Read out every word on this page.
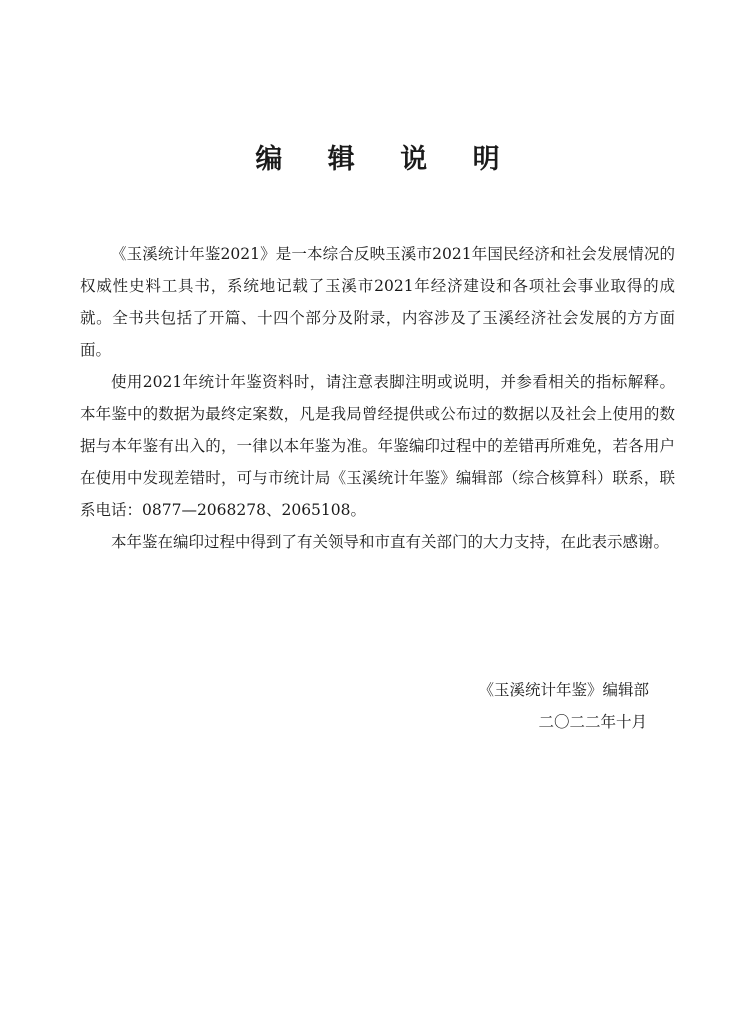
编 辑 说 明

《玉溪统计年鉴2021》是一本综合反映玉溪市2021年国民经济和社会发展情况的权威性史料工具书，系统地记载了玉溪市2021年经济建设和各项社会事业取得的成就。全书共包括了开篇、十四个部分及附录，内容涉及了玉溪经济社会发展的方方面面。

使用2021年统计年鉴资料时，请注意表脚注明或说明，并参看相关的指标解释。本年鉴中的数据为最终定案数，凡是我局曾经提供或公布过的数据以及社会上使用的数据与本年鉴有出入的，一律以本年鉴为准。年鉴编印过程中的差错再所难免，若各用户在使用中发现差错时，可与市统计局《玉溪统计年鉴》编辑部（综合核算科）联系，联系电话：0877—2068278、2065108。

本年鉴在编印过程中得到了有关领导和市直有关部门的大力支持，在此表示感谢。

《玉溪统计年鉴》编辑部
二〇二二年十月
